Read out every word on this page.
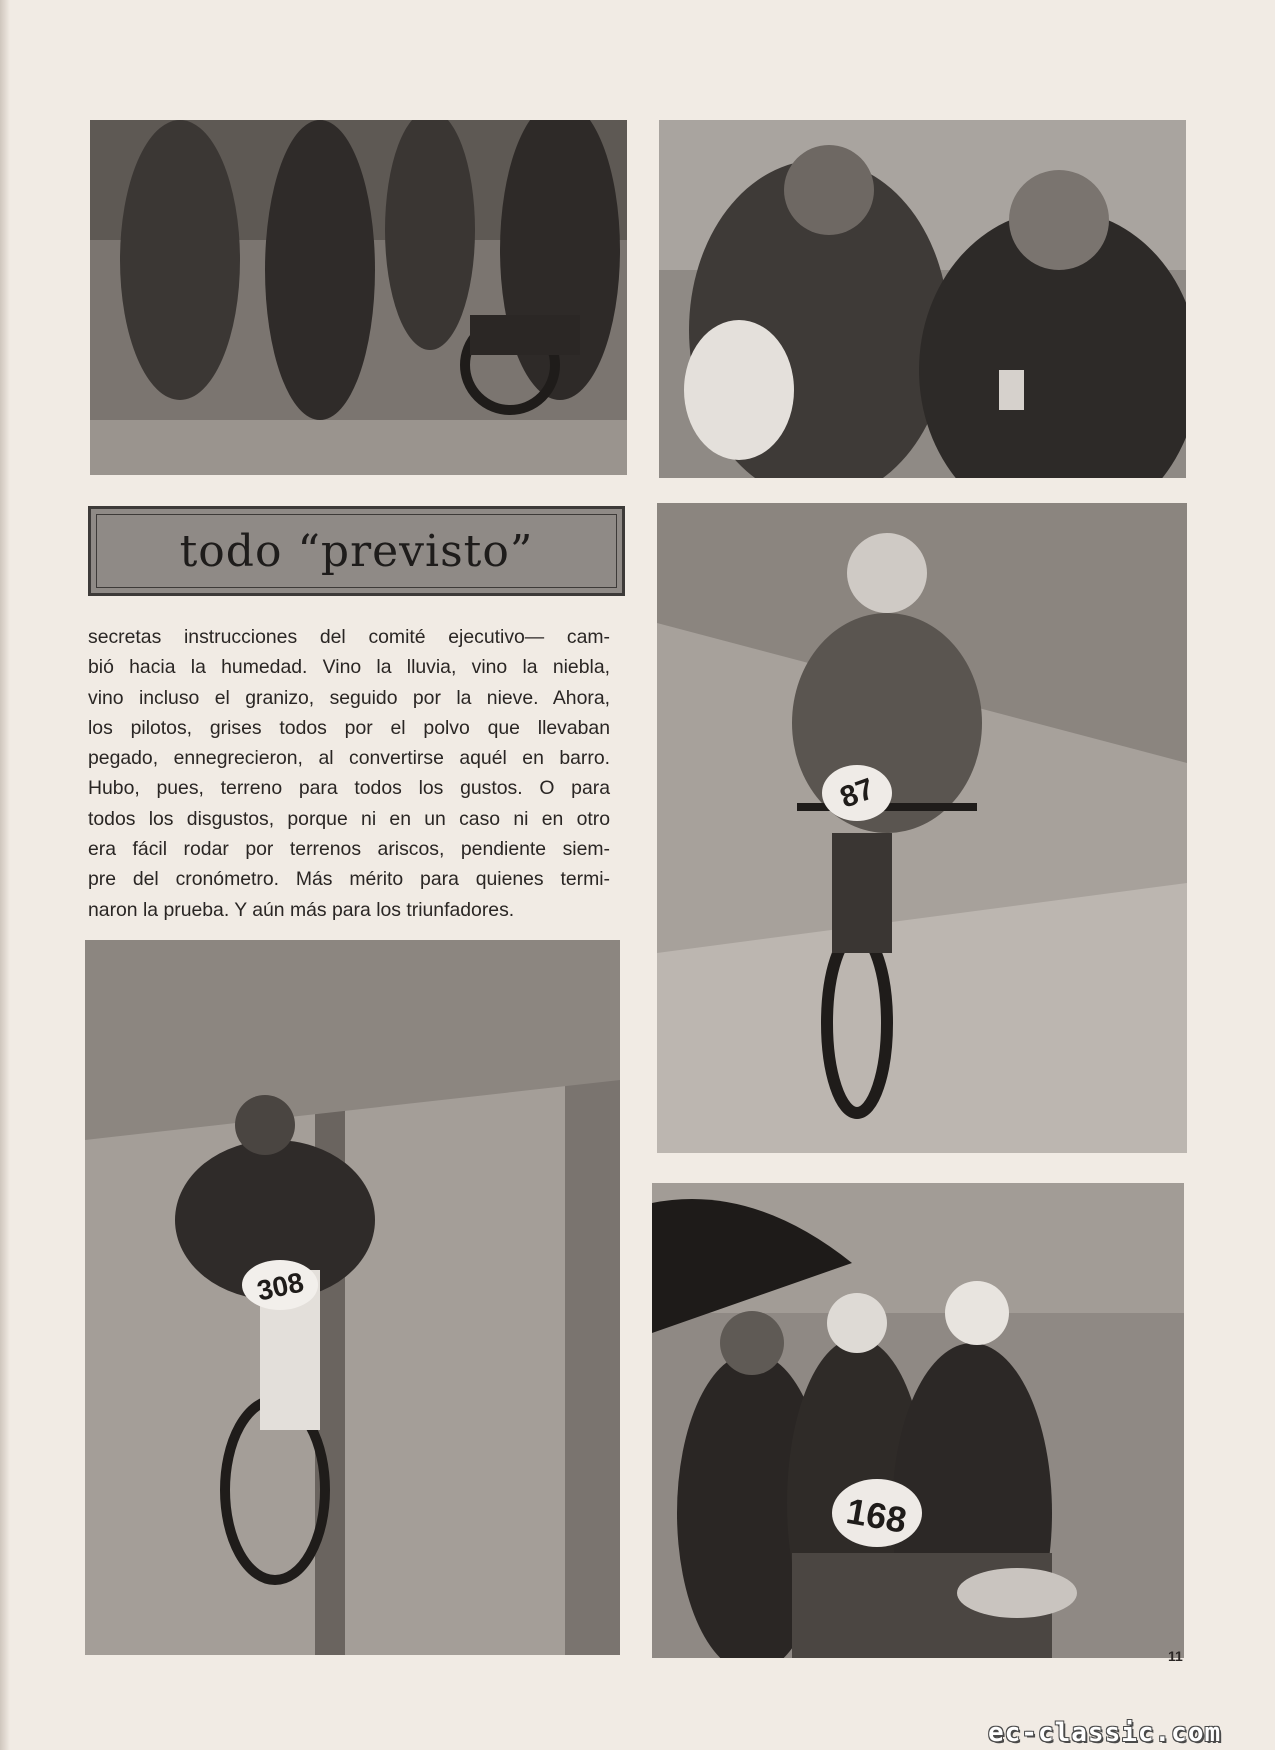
todo “previsto”
secretas instrucciones del comité ejecutivo— cam-
bió hacia la humedad. Vino la lluvia, vino la niebla,
vino incluso el granizo, seguido por la nieve. Ahora,
los pilotos, grises todos por el polvo que llevaban
pegado, ennegrecieron, al convertirse aquél en barro.
Hubo, pues, terreno para todos los gustos. O para
todos los disgustos, porque ni en un caso ni en otro
era fácil rodar por terrenos ariscos, pendiente siem-
pre del cronómetro. Más mérito para quienes termi-
naron la prueba. Y aún más para los triunfadores.
87
308
168
11
ec-classic.com
